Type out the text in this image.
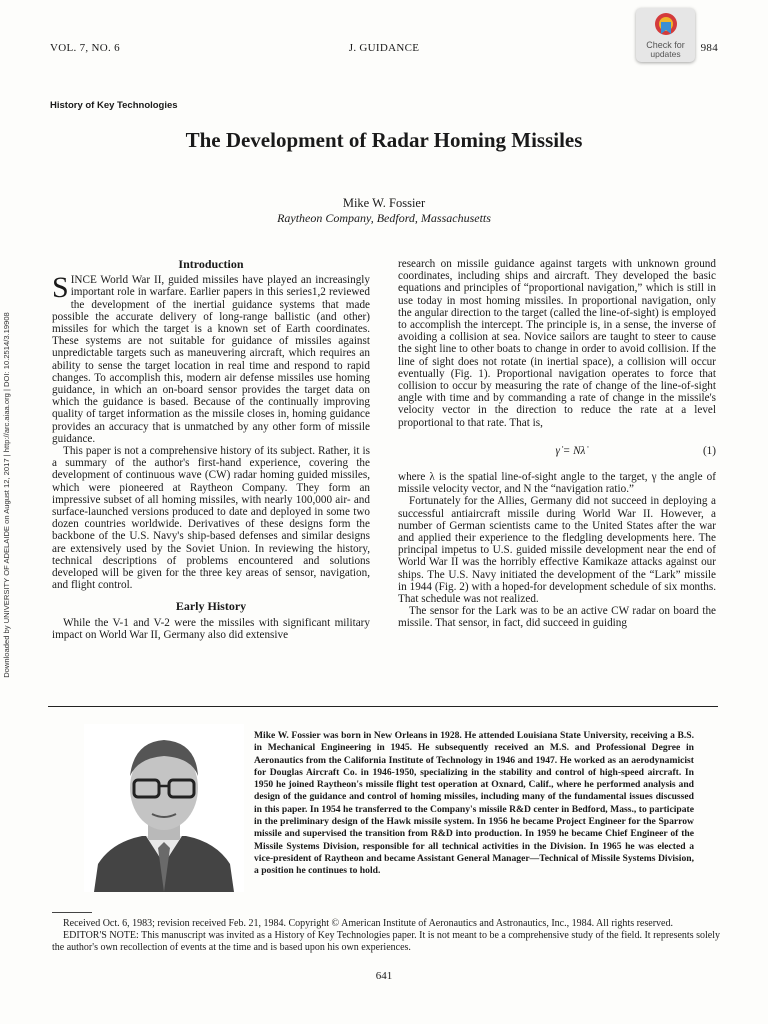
VOL. 7, NO. 6	J. GUIDANCE	984
Check for
updates
History of Key Technologies
The Development of Radar Homing Missiles
Mike W. Fossier
Raytheon Company, Bedford, Massachusetts
Downloaded by UNIVERSITY OF ADELAIDE on August 12, 2017 | http://arc.aiaa.org | DOI: 10.2514/3.19908
Introduction

SINCE World War II, guided missiles have played an increasingly important role in warfare. Earlier papers in this series1,2 reviewed the development of the inertial guidance systems that made possible the accurate delivery of long-range ballistic (and other) missiles for which the target is a known set of Earth coordinates. These systems are not suitable for guidance of missiles against unpredictable targets such as maneuvering aircraft, which requires an ability to sense the target location in real time and respond to rapid changes. To accomplish this, modern air defense missiles use homing guidance, in which an on-board sensor provides the target data on which the guidance is based. Because of the continually improving quality of target information as the missile closes in, homing guidance provides an accuracy that is unmatched by any other form of missile guidance.

This paper is not a comprehensive history of its subject. Rather, it is a summary of the author's first-hand experience, covering the development of continuous wave (CW) radar homing guided missiles, which were pioneered at Raytheon Company. They form an impressive subset of all homing missiles, with nearly 100,000 air- and surface-launched versions produced to date and deployed in some two dozen countries worldwide. Derivatives of these designs form the backbone of the U.S. Navy's ship-based defenses and similar designs are extensively used by the Soviet Union. In reviewing the history, technical descriptions of problems encountered and solutions developed will be given for the three key areas of sensor, navigation, and flight control.

Early History

While the V-1 and V-2 were the missiles with significant military impact on World War II, Germany also did extensive

research on missile guidance against targets with unknown ground coordinates, including ships and aircraft. They developed the basic equations and principles of “proportional navigation,” which is still in use today in most homing missiles. In proportional navigation, only the angular direction to the target (called the line-of-sight) is employed to accomplish the intercept. The principle is, in a sense, the inverse of avoiding a collision at sea. Novice sailors are taught to steer to cause the sight line to other boats to change in order to avoid collision. If the line of sight does not rotate (in inertial space), a collision will occur eventually (Fig. 1). Proportional navigation operates to force that collision to occur by measuring the rate of change of the line-of-sight angle with time and by commanding a rate of change in the missile's velocity vector in the direction to reduce the rate at a level proportional to that rate. That is,

γ̇ = Nλ̇	(1)

where λ is the spatial line-of-sight angle to the target, γ the angle of missile velocity vector, and N the “navigation ratio.”

Fortunately for the Allies, Germany did not succeed in deploying a successful antiaircraft missile during World War II. However, a number of German scientists came to the United States after the war and applied their experience to the fledgling developments here. The principal impetus to U.S. guided missile development near the end of World War II was the horribly effective Kamikaze attacks against our ships. The U.S. Navy initiated the development of the “Lark” missile in 1944 (Fig. 2) with a hoped-for development schedule of six months. That schedule was not realized.

The sensor for the Lark was to be an active CW radar on board the missile. That sensor, in fact, did succeed in guiding

Mike W. Fossier was born in New Orleans in 1928. He attended Louisiana State University, receiving a B.S. in Mechanical Engineering in 1945. He subsequently received an M.S. and Professional Degree in Aeronautics from the California Institute of Technology in 1946 and 1947. He worked as an aerodynamicist for Douglas Aircraft Co. in 1946-1950, specializing in the stability and control of high-speed aircraft. In 1950 he joined Raytheon's missile flight test operation at Oxnard, Calif., where he performed analysis and design of the guidance and control of homing missiles, including many of the fundamental issues discussed in this paper. In 1954 he transferred to the Company's missile R&D center in Bedford, Mass., to participate in the preliminary design of the Hawk missile system. In 1956 he became Project Engineer for the Sparrow missile and supervised the transition from R&D into production. In 1959 he became Chief Engineer of the Missile Systems Division, responsible for all technical activities in the Division. In 1965 he was elected a vice-president of Raytheon and became Assistant General Manager—Technical of Missile Systems Division, a position he continues to hold.

Received Oct. 6, 1983; revision received Feb. 21, 1984. Copyright © American Institute of Aeronautics and Astronautics, Inc., 1984. All rights reserved.

EDITOR'S NOTE: This manuscript was invited as a History of Key Technologies paper. It is not meant to be a comprehensive study of the field. It represents solely the author's own recollection of events at the time and is based upon his own experiences.

641
